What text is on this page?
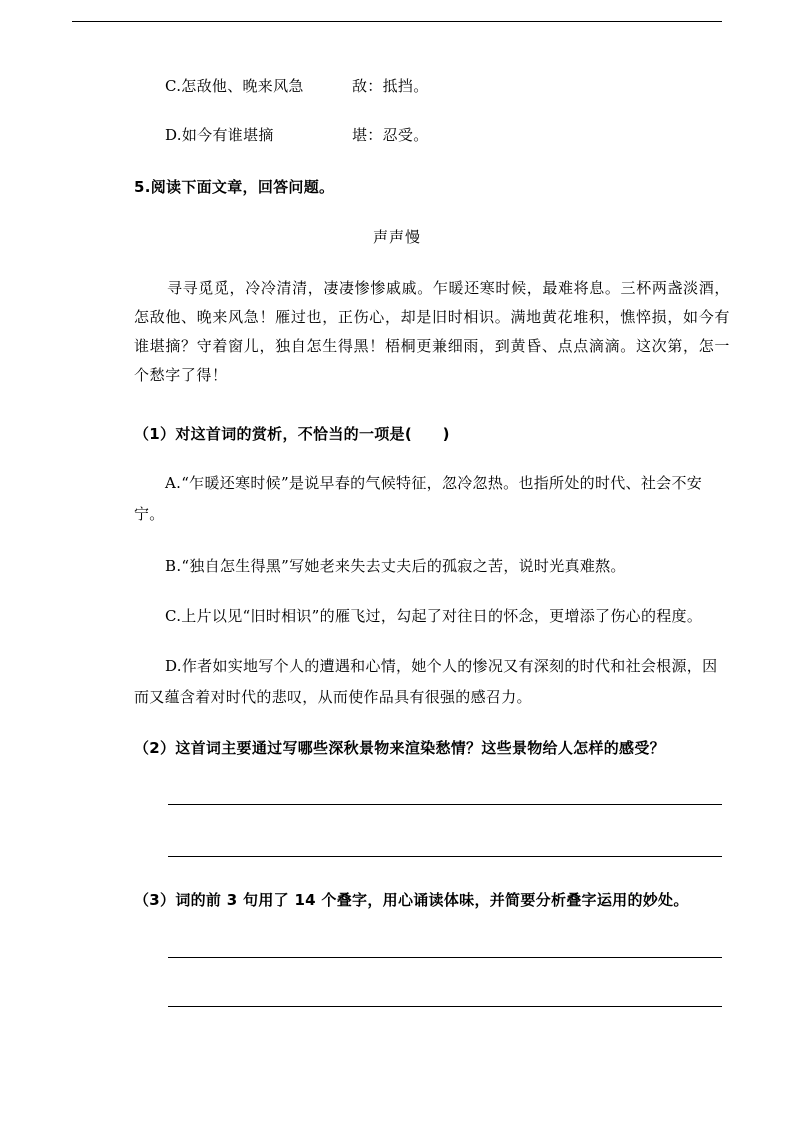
C.怎敌他、晚来风急	敌：抵挡。
D.如今有谁堪摘	堪：忍受。
5.阅读下面文章，回答问题。
声声慢
寻寻觅觅，冷冷清清，凄凄惨惨戚戚。乍暖还寒时候，最难将息。三杯两盏淡酒，怎敌他、晚来风急！雁过也，正伤心，却是旧时相识。满地黄花堆积，憔悴损，如今有谁堪摘？守着窗儿，独自怎生得黑！梧桐更兼细雨，到黄昏、点点滴滴。这次第，怎一个愁字了得！
（1）对这首词的赏析，不恰当的一项是(　　)
A.“乍暖还寒时候”是说早春的气候特征，忽冷忽热。也指所处的时代、社会不安宁。
B.“独自怎生得黑”写她老来失去丈夫后的孤寂之苦，说时光真难熬。
C.上片以见“旧时相识”的雁飞过，勾起了对往日的怀念，更增添了伤心的程度。
D.作者如实地写个人的遭遇和心情，她个人的惨况又有深刻的时代和社会根源，因而又蕴含着对时代的悲叹，从而使作品具有很强的感召力。
（2）这首词主要通过写哪些深秋景物来渲染愁情？这些景物给人怎样的感受？
（3）词的前 3 句用了 14 个叠字，用心诵读体味，并简要分析叠字运用的妙处。
